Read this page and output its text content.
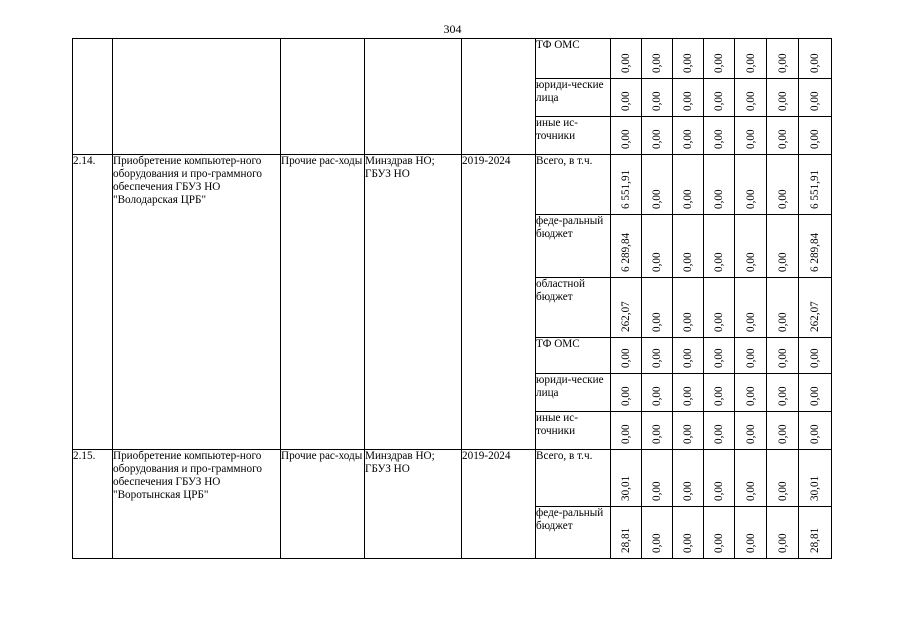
304
					ТФ ОМС	0,00	0,00	0,00	0,00	0,00	0,00	0,00

					юриди-ческие лица	0,00	0,00	0,00	0,00	0,00	0,00	0,00

					иные ис-точники	0,00	0,00	0,00	0,00	0,00	0,00	0,00

2.14.	Приобретение компьютер-ного оборудования и про-граммного обеспечения ГБУЗ НО "Володарская ЦРБ"	Прочие рас-ходы	Минздрав НО; ГБУЗ НО	2019-2024	Всего, в т.ч.	6 551,91	0,00	0,00	0,00	0,00	0,00	6 551,91

					феде-ральный бюджет	6 289,84	0,00	0,00	0,00	0,00	0,00	6 289,84

					областной бюджет	262,07	0,00	0,00	0,00	0,00	0,00	262,07

					ТФ ОМС	0,00	0,00	0,00	0,00	0,00	0,00	0,00

					юриди-ческие лица	0,00	0,00	0,00	0,00	0,00	0,00	0,00

					иные ис-точники	0,00	0,00	0,00	0,00	0,00	0,00	0,00

2.15.	Приобретение компьютер-ного оборудования и про-граммного обеспечения ГБУЗ НО "Воротынская ЦРБ"	Прочие рас-ходы	Минздрав НО; ГБУЗ НО	2019-2024	Всего, в т.ч.	30,01	0,00	0,00	0,00	0,00	0,00	30,01

					феде-ральный бюджет	28,81	0,00	0,00	0,00	0,00	0,00	28,81
